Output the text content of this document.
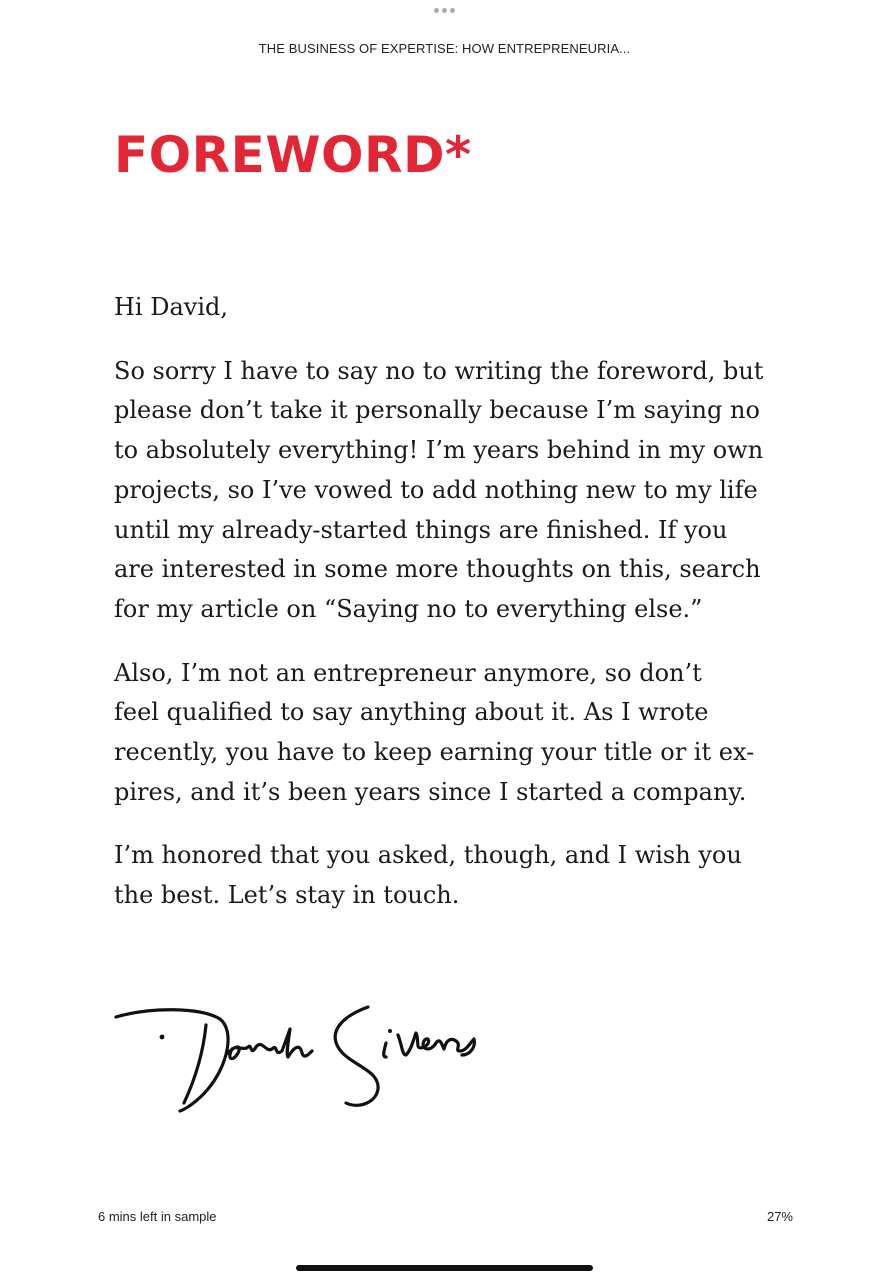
THE BUSINESS OF EXPERTISE: HOW ENTREPRENEURIA...
FOREWORD*

Hi David,

So sorry I have to say no to writing the foreword, but
please don’t take it personally because I’m saying no
to absolutely everything! I’m years behind in my own
projects, so I’ve vowed to add nothing new to my life
until my already-started things are finished. If you
are interested in some more thoughts on this, search
for my article on “Saying no to everything else.”

Also, I’m not an entrepreneur anymore, so don’t
feel qualified to say anything about it. As I wrote
recently, you have to keep earning your title or it ex-
pires, and it’s been years since I started a company.

I’m honored that you asked, though, and I wish you
the best. Let’s stay in touch.

6 mins left in sample	27%
